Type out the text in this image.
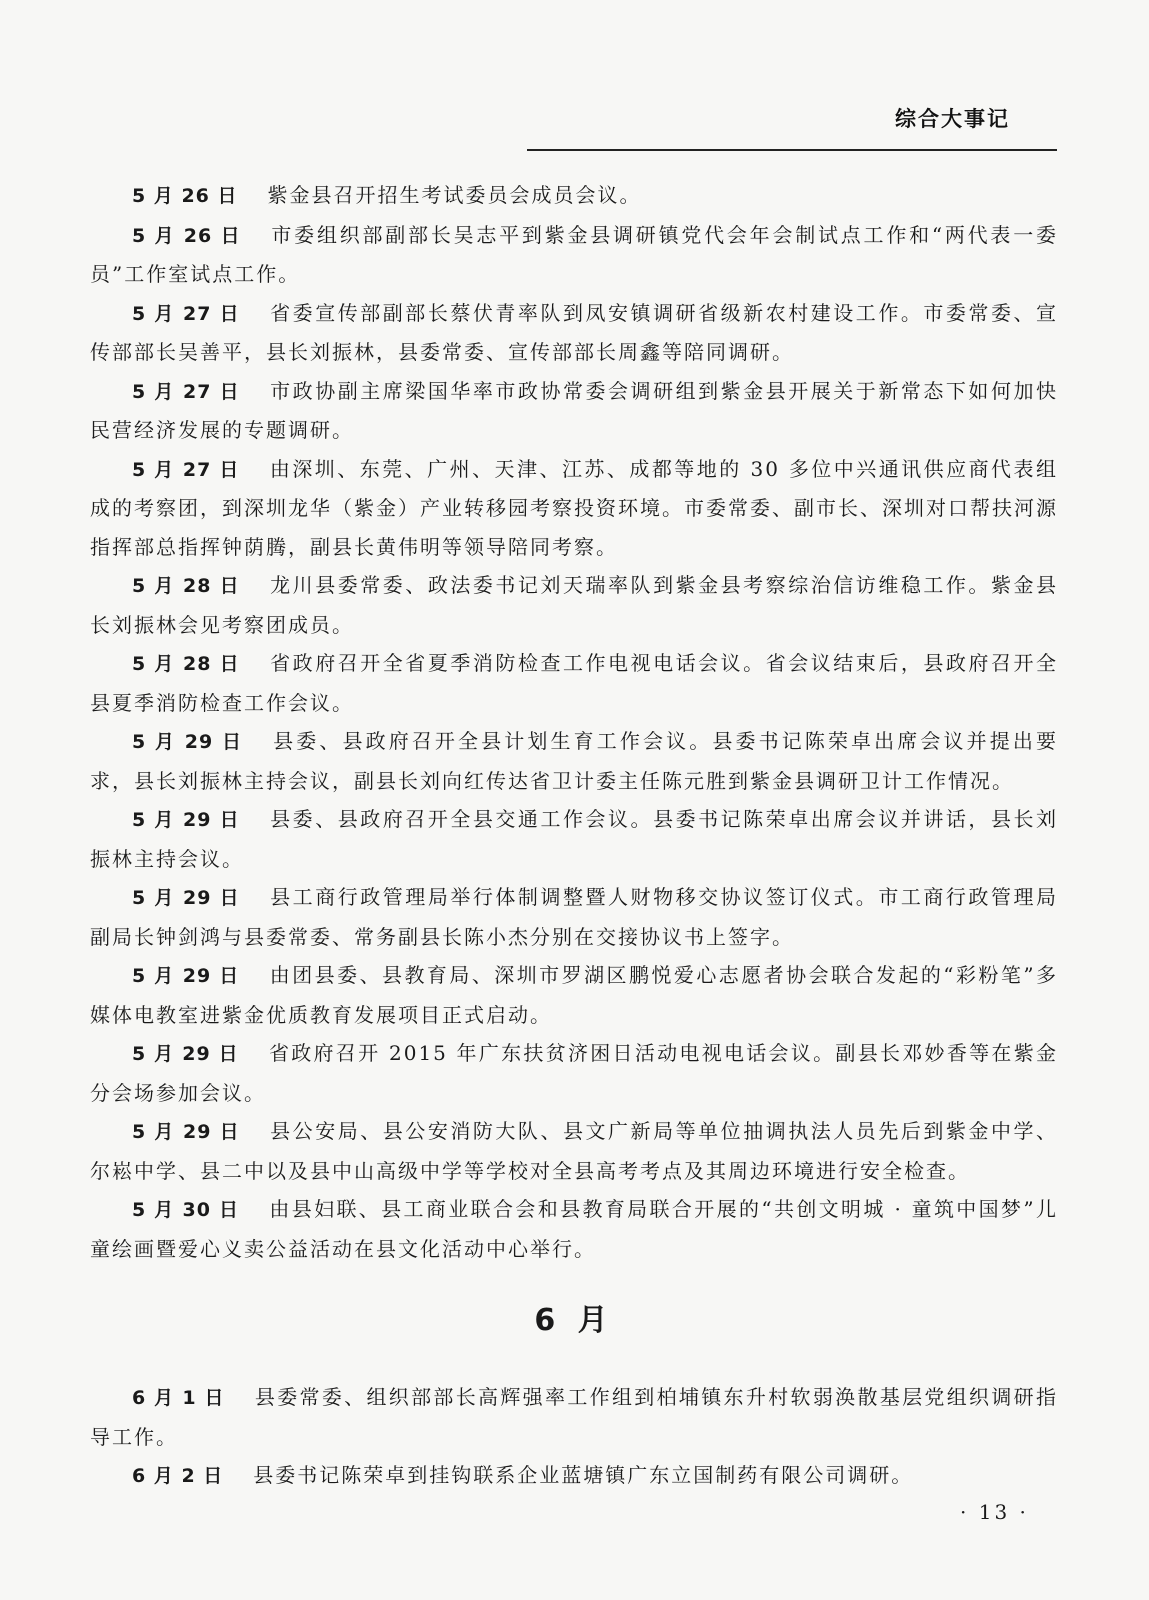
综合大事记

5 月 26 日 紫金县召开招生考试委员会成员会议。

5 月 26 日 市委组织部副部长吴志平到紫金县调研镇党代会年会制试点工作和“两代表一委员”工作室试点工作。

5 月 27 日 省委宣传部副部长蔡伏青率队到凤安镇调研省级新农村建设工作。市委常委、宣传部部长吴善平，县长刘振林，县委常委、宣传部部长周鑫等陪同调研。

5 月 27 日 市政协副主席梁国华率市政协常委会调研组到紫金县开展关于新常态下如何加快民营经济发展的专题调研。

5 月 27 日 由深圳、东莞、广州、天津、江苏、成都等地的 30 多位中兴通讯供应商代表组成的考察团，到深圳龙华（紫金）产业转移园考察投资环境。市委常委、副市长、深圳对口帮扶河源指挥部总指挥钟荫腾，副县长黄伟明等领导陪同考察。

5 月 28 日 龙川县委常委、政法委书记刘天瑞率队到紫金县考察综治信访维稳工作。紫金县长刘振林会见考察团成员。

5 月 28 日 省政府召开全省夏季消防检查工作电视电话会议。省会议结束后，县政府召开全县夏季消防检查工作会议。

5 月 29 日 县委、县政府召开全县计划生育工作会议。县委书记陈荣卓出席会议并提出要求，县长刘振林主持会议，副县长刘向红传达省卫计委主任陈元胜到紫金县调研卫计工作情况。

5 月 29 日 县委、县政府召开全县交通工作会议。县委书记陈荣卓出席会议并讲话，县长刘振林主持会议。

5 月 29 日 县工商行政管理局举行体制调整暨人财物移交协议签订仪式。市工商行政管理局副局长钟剑鸿与县委常委、常务副县长陈小杰分别在交接协议书上签字。

5 月 29 日 由团县委、县教育局、深圳市罗湖区鹏悦爱心志愿者协会联合发起的“彩粉笔”多媒体电教室进紫金优质教育发展项目正式启动。

5 月 29 日 省政府召开 2015 年广东扶贫济困日活动电视电话会议。副县长邓妙香等在紫金分会场参加会议。

5 月 29 日 县公安局、县公安消防大队、县文广新局等单位抽调执法人员先后到紫金中学、尔崧中学、县二中以及县中山高级中学等学校对全县高考考点及其周边环境进行安全检查。

5 月 30 日 由县妇联、县工商业联合会和县教育局联合开展的“共创文明城 · 童筑中国梦”儿童绘画暨爱心义卖公益活动在县文化活动中心举行。

6 月

6 月 1 日 县委常委、组织部部长高辉强率工作组到柏埔镇东升村软弱涣散基层党组织调研指导工作。

6 月 2 日 县委书记陈荣卓到挂钩联系企业蓝塘镇广东立国制药有限公司调研。

· 13 ·
